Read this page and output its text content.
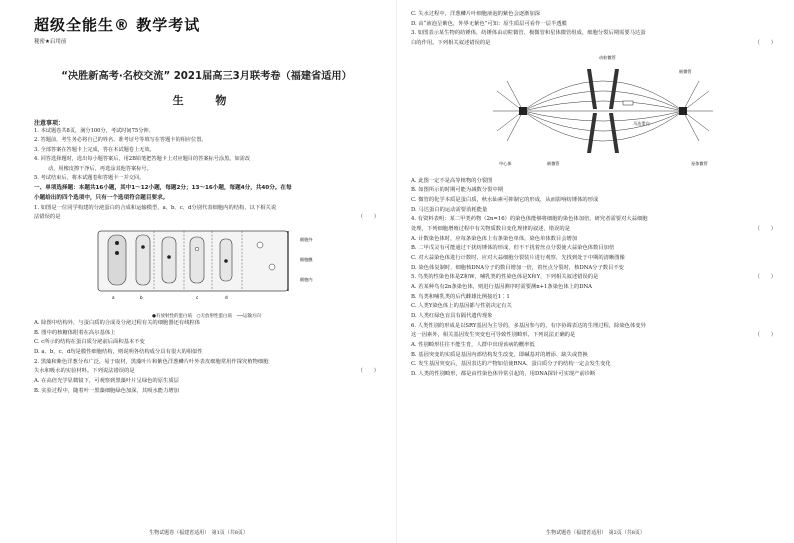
超级全能生® 教学考试
秘密★启用前
“决胜新高考·名校交流” 2021届高三3月联考卷（福建省适用）
生 物
注意事项：
1. 本试题卷共8页，满分100分，考试时间75分钟。
2. 答题前，考生务必将自己的姓名、准考证号等填写在答题卡的相应位置。
3. 全部答案在答题卡上完成，答在本试题卷上无效。
4. 回答选择题时，选出每小题答案后，用2B铅笔把答题卡上对应题目的答案标号涂黑。如需改
动，用橡皮擦干净后，再选涂其他答案标号。
5. 考试结束后，将本试题卷和答题卡一并交回。
一、单项选择题：本题共16小题，其中1～12小题，每题2分；13～16小题，每题4分，共40分。在每
小题给出的四个选项中，只有一个选项符合题目要求。
1. 如图是一位同学构建的分泌蛋白的合成和运输模型，a、b、c、d分别代表细胞内的结构，以下相关说
法错误的是	（　　）
a	b	c	d
细胞外
细胞膜
细胞内
●有放射性的蛋白质　○无放射性蛋白质　⟶运输方向
A. 除图中结构外，与蛋白质的合成及分泌过程有关的细胞器还有线粒体
B. 图中的核糖体附着在高尔基体上
C. c所示的结构在蛋白质分泌前后面积基本不变
D. a、b、c、d均是膜性细胞结构，则说明各结构成分具有很大的相似性
2. 黑藻和紫色洋葱分布广泛，易于取材，黑藻叶片和紫色洋葱鳞片叶外表皮细胞常用作探究植物细胞
失水和吸水的实验材料。下列说法错误的是	（　　）
A. 在高倍光学显微镜下，可观察到黑藻叶片呈绿色的原生质层
B. 实验过程中，随着叶一黑藻细胞绿色加深，其吸水能力增加
生物试题卷（福建省适用）　第1页（共8页）
C. 失水过程中，洋葱鳞片叶细胞液泡的紫色会逐渐加深
D. 由“液泡呈紫色，外界无紫色”可知：原生质层可看作一层半透膜
3. 如图表示某生物的纺锤体，纺锤体由动粒微管、极微管和星体微管组成，细胞分裂后期需要马达蛋
白的作用。下列相关叙述错误的是	（　　）
动粒微管
极微管
中心体	星体微管
马达蛋白
极微管
A. 此图一定不是高等植物的分裂图
B. 如图所示的时期可能为减数分裂中期
C. 微管的化学本质是蛋白质，秋水仙素可抑制它的形成，从而影响纺锤体的形成
D. 马达蛋白的运动需要消耗能量
4. 有资料表明：某二甲类药物（2n=16）的染色体能够将细胞的染色体加倍，研究者需要对大蒜细胞
处理，下列细胞增殖过程中有关物质数目变化规律的叙述，错误的是	（　　）
A. 计数染色体时，应每条染色体上有条染色单体，染色单体数目会增加
B. 二甲戊灵有可能通过干扰纺锤体的形成，但不干扰着丝点分裂使大蒜染色体数目加倍
C. 对大蒜染色体进行计数时，应对大蒜细胞分裂装片进行观察，先找到处于中期的清晰图像
D. 染色体复制时，细胞核DNA分子的数目增加一倍，着丝点分裂时，核DNA分子数目不变
5. 鸟类的性染色体是Z和W，哺乳类的性染色体是X和Y，下列相关叙述错误的是	（　　）
A. 若某种鸟有2n条染色体，则进行基因测序时需要测n+1条染色体上的DNA
B. 鸟类和哺乳类的后代雌雄比例接近1∶1
C. 人类Y染色体上的基因都与性别决定有关
D. 人类红绿色盲具有隔代遗传现象
6. 人类性别的形成是以SRY基因为主导的，多基因参与的，有序协调表达的生理过程，除染色体变异
这一因素外，相关基因发生突变也可导致性别畸形。下列说法正确的是	（　　）
A. 性别畸形往往不能生育，人群中出现该病的概率低
B. 基因突变的实质是基因内部结构发生改变，即碱基对的增添、缺失或替换
C. 发生基因突变后，基因表达的产物如信使RNA、蛋白质分子的结构一定会发生变化
D. 人类的性别畸形，都是由性染色体异常引起的，用DNA探针可实现产前诊断
生物试题卷（福建省适用）　第2页（共8页）
